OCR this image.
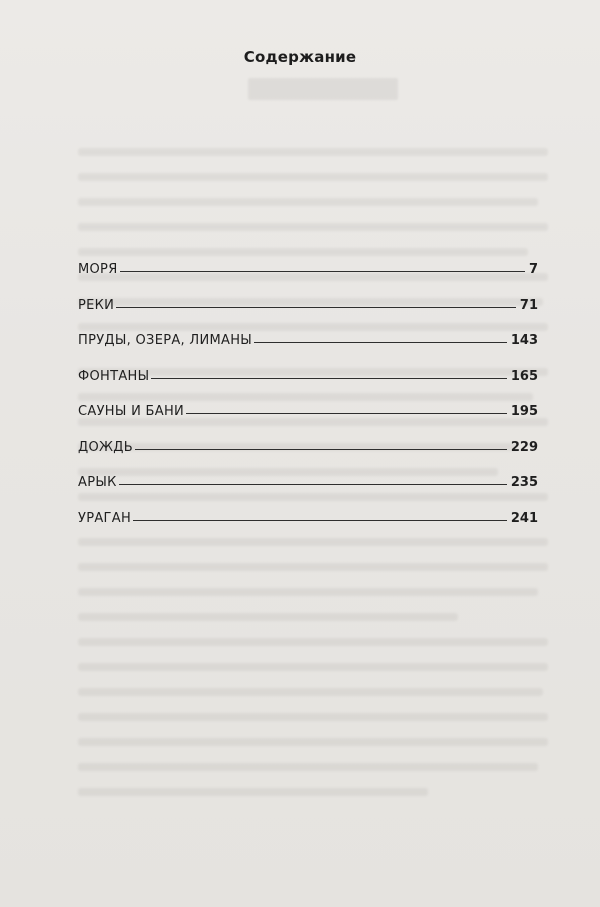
Содержание
МОРЯ	7
РЕКИ	71
ПРУДЫ, ОЗЕРА, ЛИМАНЫ	143
ФОНТАНЫ	165
САУНЫ И БАНИ	195
ДОЖДЬ	229
АРЫК	235
УРАГАН	241
